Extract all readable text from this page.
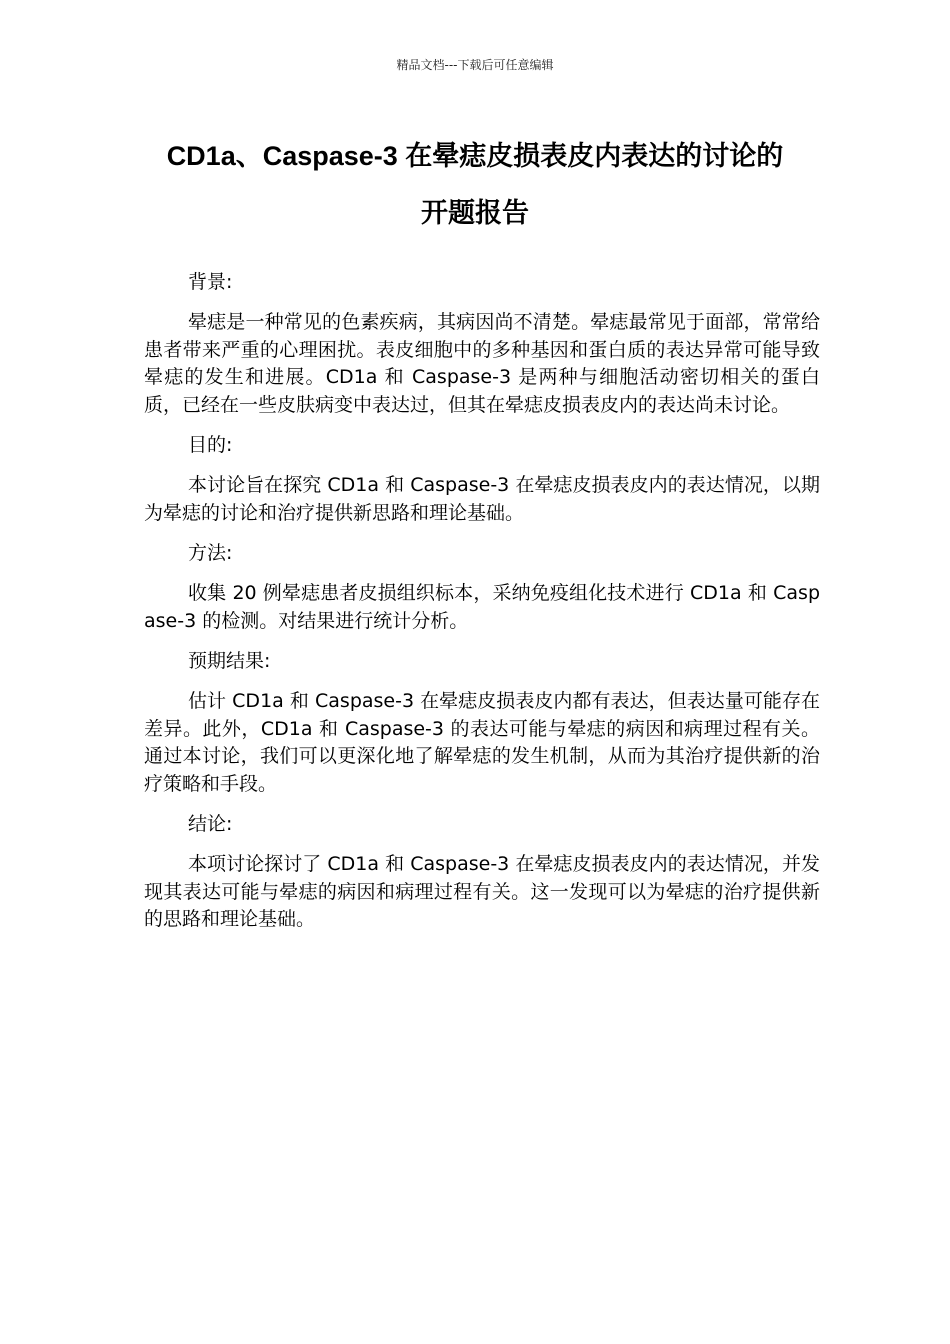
精品文档---下载后可任意编辑
CD1a、Caspase-3 在晕痣皮损表皮内表达的讨论的
开题报告
背景:
晕痣是一种常见的色素疾病，其病因尚不清楚。晕痣最常见于面部，常常给患者带来严重的心理困扰。表皮细胞中的多种基因和蛋白质的表达异常可能导致晕痣的发生和进展。CD1a 和 Caspase-3 是两种与细胞活动密切相关的蛋白质，已经在一些皮肤病变中表达过，但其在晕痣皮损表皮内的表达尚未讨论。
目的:
本讨论旨在探究 CD1a 和 Caspase-3 在晕痣皮损表皮内的表达情况，以期为晕痣的讨论和治疗提供新思路和理论基础。
方法:
收集 20 例晕痣患者皮损组织标本，采纳免疫组化技术进行 CD1a 和 Caspase-3 的检测。对结果进行统计分析。
预期结果:
估计 CD1a 和 Caspase-3 在晕痣皮损表皮内都有表达，但表达量可能存在差异。此外，CD1a 和 Caspase-3 的表达可能与晕痣的病因和病理过程有关。通过本讨论，我们可以更深化地了解晕痣的发生机制，从而为其治疗提供新的治疗策略和手段。
结论:
本项讨论探讨了 CD1a 和 Caspase-3 在晕痣皮损表皮内的表达情况，并发现其表达可能与晕痣的病因和病理过程有关。这一发现可以为晕痣的治疗提供新的思路和理论基础。
